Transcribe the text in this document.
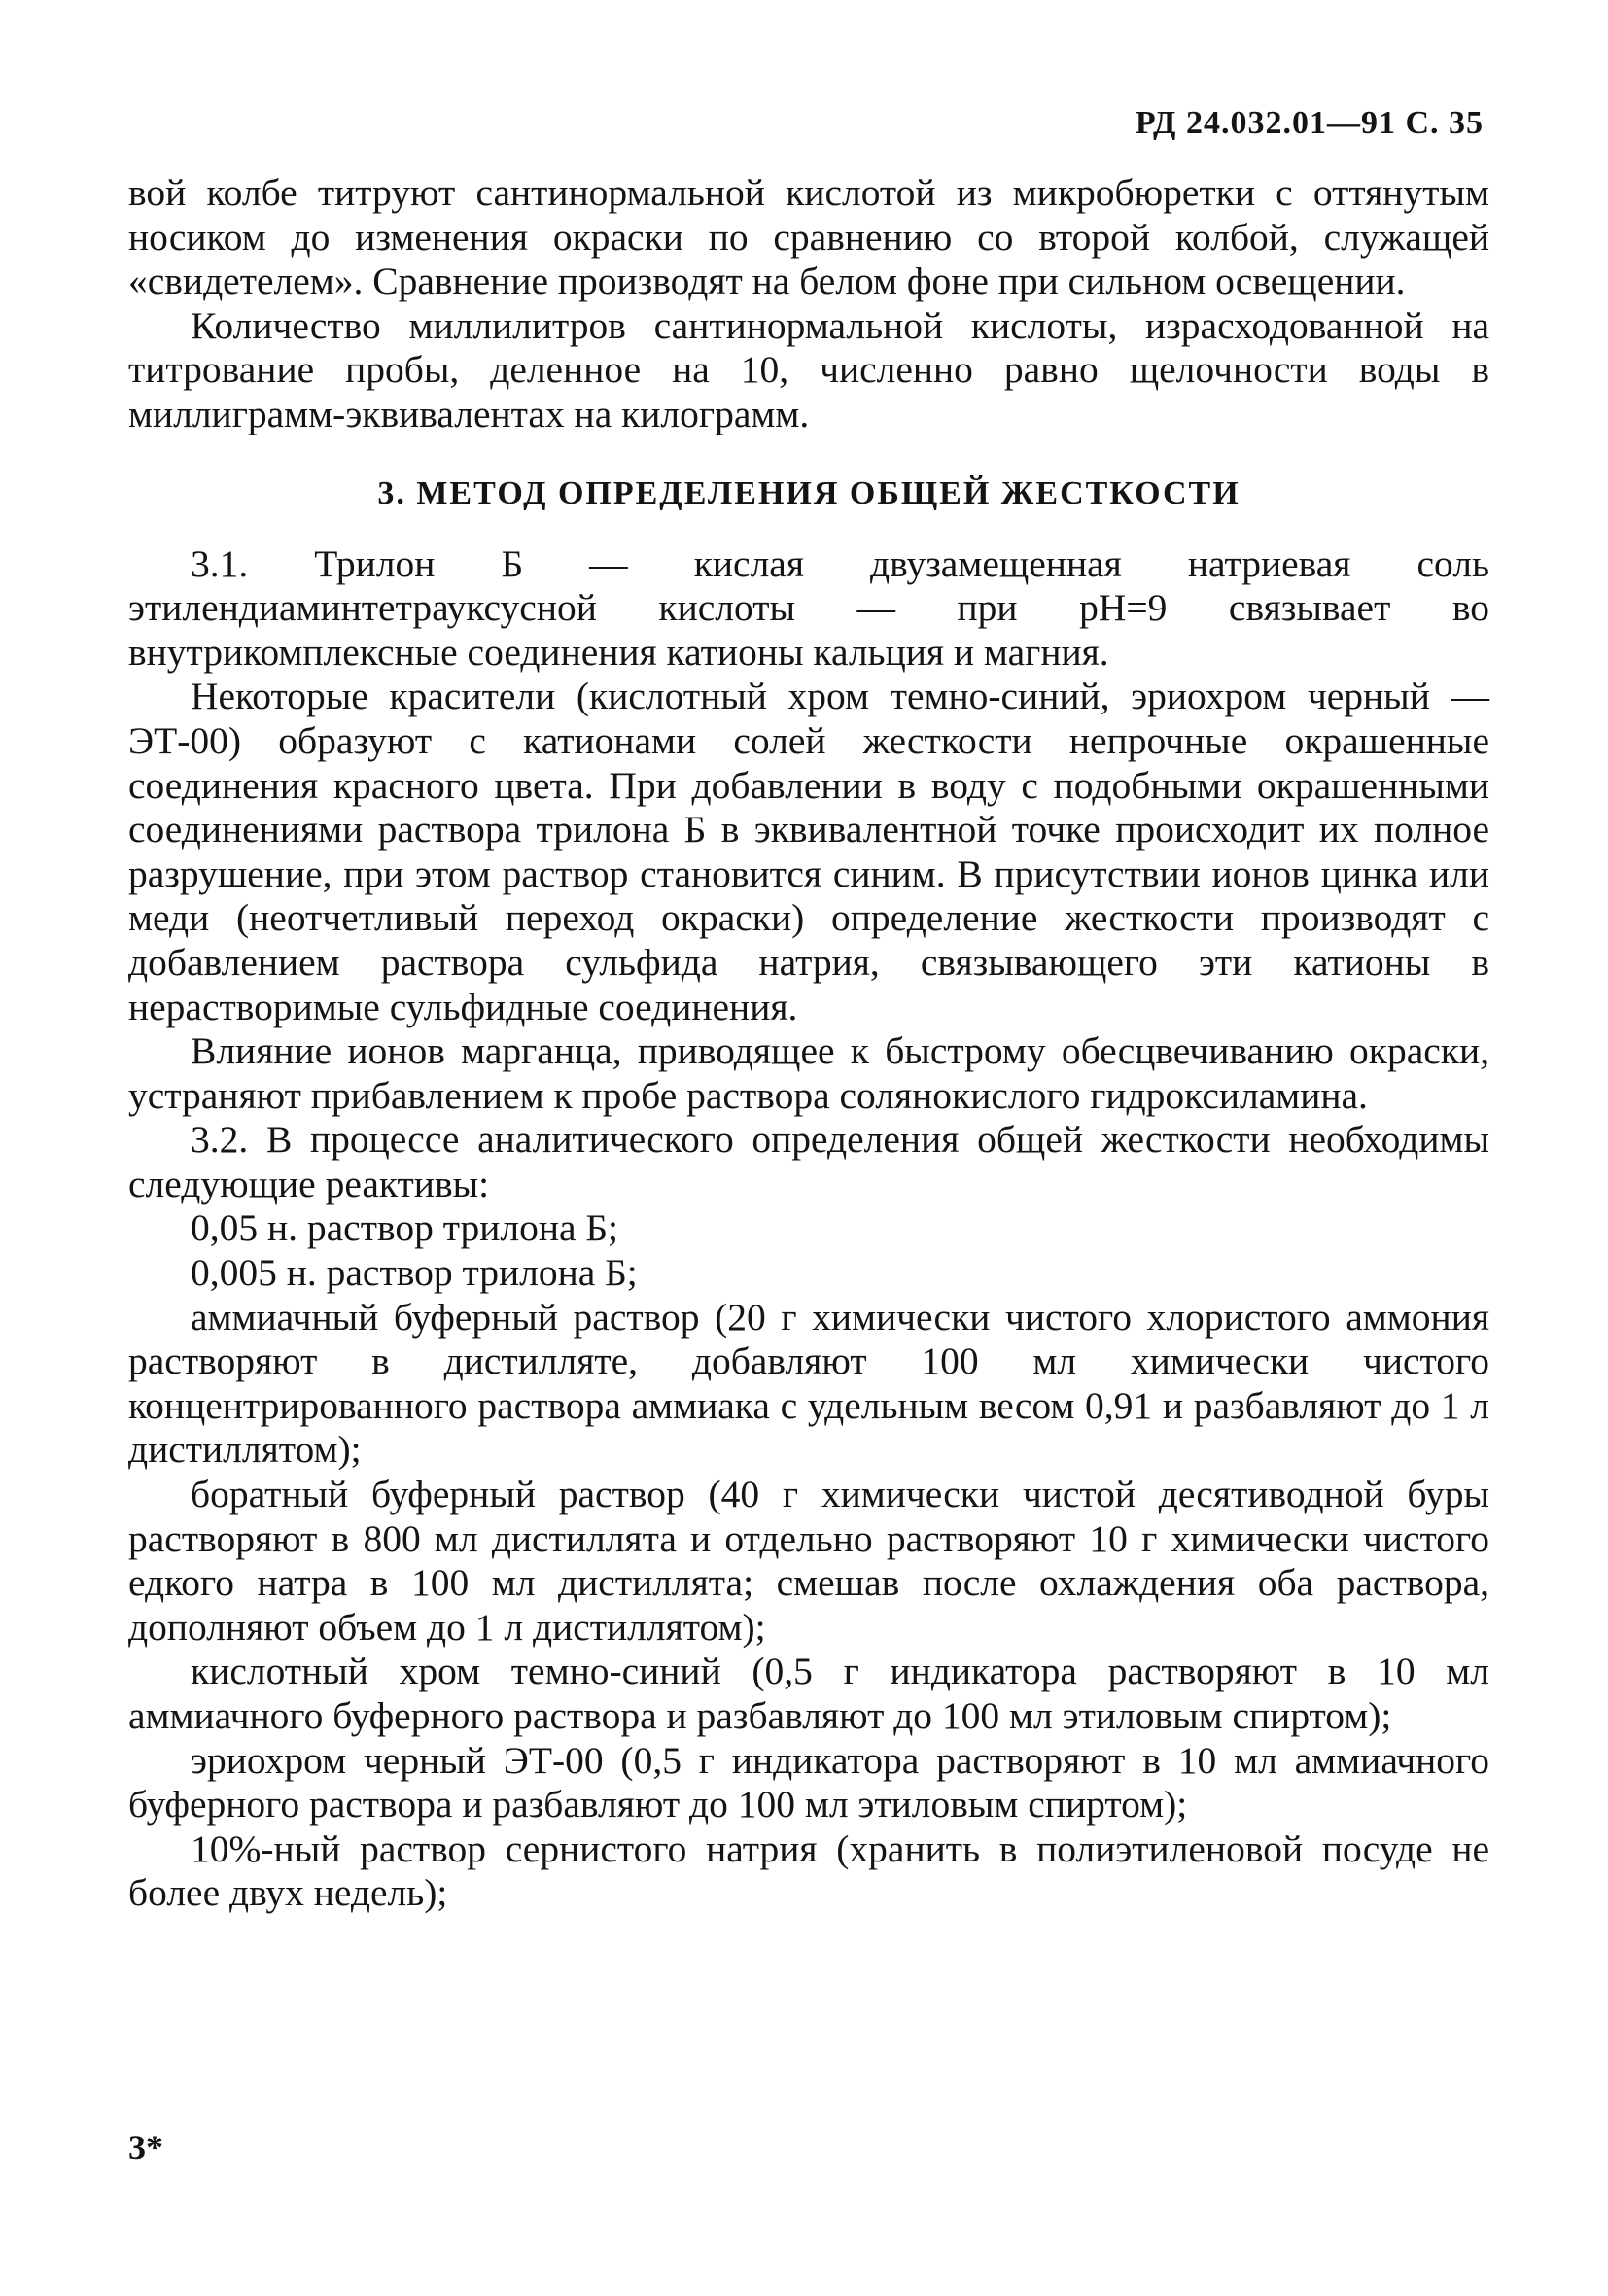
РД 24.032.01—91 С. 35

вой колбе титруют сантинормальной кислотой из микробюретки с оттянутым носиком до изменения окраски по сравнению со второй колбой, служащей «свидетелем». Сравнение производят на белом фоне при сильном освещении.

Количество миллилитров сантинормальной кислоты, израсходованной на титрование пробы, деленное на 10, численно равно щелочности воды в миллиграмм-эквивалентах на килограмм.

3. МЕТОД ОПРЕДЕЛЕНИЯ ОБЩЕЙ ЖЕСТКОСТИ

3.1. Трилон Б — кислая двузамещенная натриевая соль этилендиаминтетрауксусной кислоты — при рН=9 связывает во внутрикомплексные соединения катионы кальция и магния.

Некоторые красители (кислотный хром темно-синий, эриохром черный — ЭТ-00) образуют с катионами солей жесткости непрочные окрашенные соединения красного цвета. При добавлении в воду с подобными окрашенными соединениями раствора трилона Б в эквивалентной точке происходит их полное разрушение, при этом раствор становится синим. В присутствии ионов цинка или меди (неотчетливый переход окраски) определение жесткости производят с добавлением раствора сульфида натрия, связывающего эти катионы в нерастворимые сульфидные соединения.

Влияние ионов марганца, приводящее к быстрому обесцвечиванию окраски, устраняют прибавлением к пробе раствора солянокислого гидроксиламина.

3.2. В процессе аналитического определения общей жесткости необходимы следующие реактивы:

0,05 н. раствор трилона Б;

0,005 н. раствор трилона Б;

аммиачный буферный раствор (20 г химически чистого хлористого аммония растворяют в дистилляте, добавляют 100 мл химически чистого концентрированного раствора аммиака с удельным весом 0,91 и разбавляют до 1 л дистиллятом);

боратный буферный раствор (40 г химически чистой десятиводной буры растворяют в 800 мл дистиллята и отдельно растворяют 10 г химически чистого едкого натра в 100 мл дистиллята; смешав после охлаждения оба раствора, дополняют объем до 1 л дистиллятом);

кислотный хром темно-синий (0,5 г индикатора растворяют в 10 мл аммиачного буферного раствора и разбавляют до 100 мл этиловым спиртом);

эриохром черный ЭТ-00 (0,5 г индикатора растворяют в 10 мл аммиачного буферного раствора и разбавляют до 100 мл этиловым спиртом);

10%-ный раствор сернистого натрия (хранить в полиэтиленовой посуде не более двух недель);

3*
